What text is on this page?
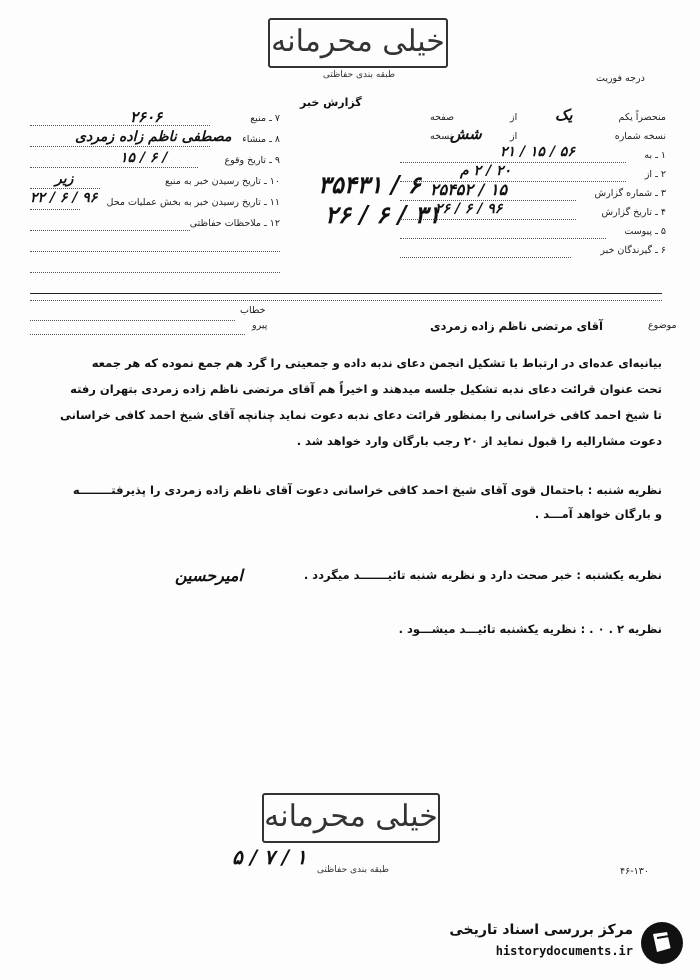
خیلی محرمانه
طبقه بندی حفاظتی	درجه فوریت
گزارش خبر
۷ ـ منبع
۲۶۰۶
۸ ـ منشاء
مصطفی ناظم زاده زمردی
۹ ـ تاریخ وقوع
۱۵ / ۶ /
۱۰ ـ تاریخ رسیدن خبر به منبع
زیر
۱۱ ـ تاریخ رسیدن خبر به بخش عملیات محل
۲۲ / ۶ / ۹۶
۱۲ ـ ملاحظات حفاظتی
۳۵۴۳۱ / ۶
۲۶ / ۶ / ۳۱
منحصراً یکم
یک
از
صفحه
نسخه شماره
شش	از
نسخه
۱ ـ به
۲۱ / ۱۵ / ۵۶
۲ ـ از
۲۰ / ۲ م
۳ ـ شماره گزارش
۲۵۴۵۲ / ۱۵
۴ ـ تاریخ گزارش
۲۶ / ۶ / ۹۶
۵ ـ پیوست
۶ ـ گیرندگان خبر
خطاب
پیرو	موضوع
آقای مرتضی ناظم زاده زمردی
بیانیه‌ای عده‌ای در ارتباط با تشکیل انجمن دعای ندبه داده و جمعیتی را گرد هم جمع نموده که هر جمعه
تحت عنوان قرائت دعای ندبه تشکیل جلسه میدهند و اخیراً هم آقای مرتضی ناظم زاده زمردی بتهران رفته
تا شیخ احمد کافی خراسانی را بمنظور قرائت دعای ندبه دعوت نماید چنانچه آقای شیخ احمد کافی خراسانی
دعوت مشارالیه را قبول نماید از ۲۰ رجب بارگان وارد خواهد شد .
نظریه شنبه : باحتمال قوی آقای شیخ احمد کافی خراسانی دعوت آقای ناظم زاده زمردی را پذیرفتــــــــه
و بارگان خواهد آمـــد .
نظریه یکشنبه : خبر صحت دارد و نظریه شنبه تائیـــــــد میگردد .
امیرحسین
نظریه ۲ . ۰ . : نظریه یکشنبه تائیـــد میشـــود .
خیلی محرمانه
طبقه بندی حفاظتی
۵ / ۷ / ۱
۴۶-۱۳۰
مرکز بررسی اسناد تاریخی
historydocuments.ir
